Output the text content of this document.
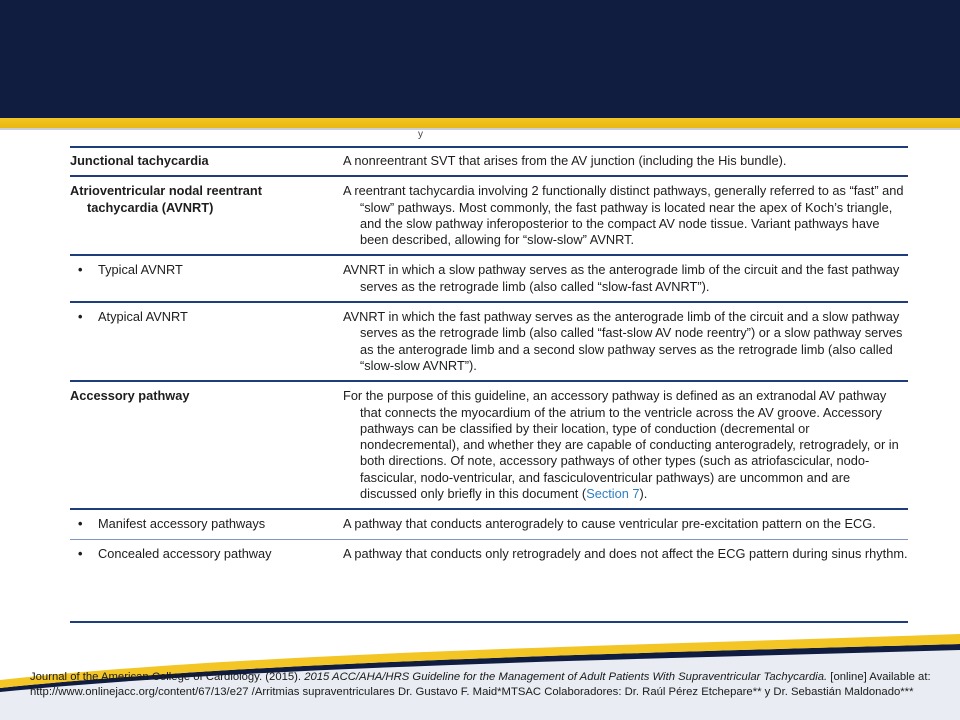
y
Junctional tachycardia	A nonreentrant SVT that arises from the AV junction (including the His bundle).

Atrioventricular nodal reentrant
tachycardia (AVNRT)	A reentrant tachycardia involving 2 functionally distinct pathways, generally referred to as “fast” and “slow” pathways. Most commonly, the fast pathway is located near the apex of Koch’s triangle, and the slow pathway inferoposterior to the compact AV node tissue. Variant pathways have been described, allowing for “slow-slow” AVNRT.

• Typical AVNRT	AVNRT in which a slow pathway serves as the anterograde limb of the circuit and the fast pathway serves as the retrograde limb (also called “slow-fast AVNRT”).

• Atypical AVNRT	AVNRT in which the fast pathway serves as the anterograde limb of the circuit and a slow pathway serves as the retrograde limb (also called “fast-slow AV node reentry”) or a slow pathway serves as the anterograde limb and a second slow pathway serves as the retrograde limb (also called “slow-slow AVNRT”).

Accessory pathway	For the purpose of this guideline, an accessory pathway is defined as an extranodal AV pathway that connects the myocardium of the atrium to the ventricle across the AV groove. Accessory pathways can be classified by their location, type of conduction (decremental or nondecremental), and whether they are capable of conducting anterogradely, retrogradely, or in both directions. Of note, accessory pathways of other types (such as atriofascicular, nodo-fascicular, nodo-ventricular, and fasciculoventricular pathways) are uncommon and are discussed only briefly in this document (Section 7).

• Manifest accessory pathways	A pathway that conducts anterogradely to cause ventricular pre-excitation pattern on the ECG.

• Concealed accessory pathway	A pathway that conducts only retrogradely and does not affect the ECG pattern during sinus rhythm.
Journal of the American College of Cardiology. (2015). 2015 ACC/AHA/HRS Guideline for the Management of Adult Patients With Supraventricular Tachycardia. [online] Available at: http://www.onlinejacc.org/content/67/13/e27 /Arritmias supraventriculares Dr. Gustavo F. Maid*MTSAC Colaboradores: Dr. Raúl Pérez Etchepare** y Dr. Sebastián Maldonado***
